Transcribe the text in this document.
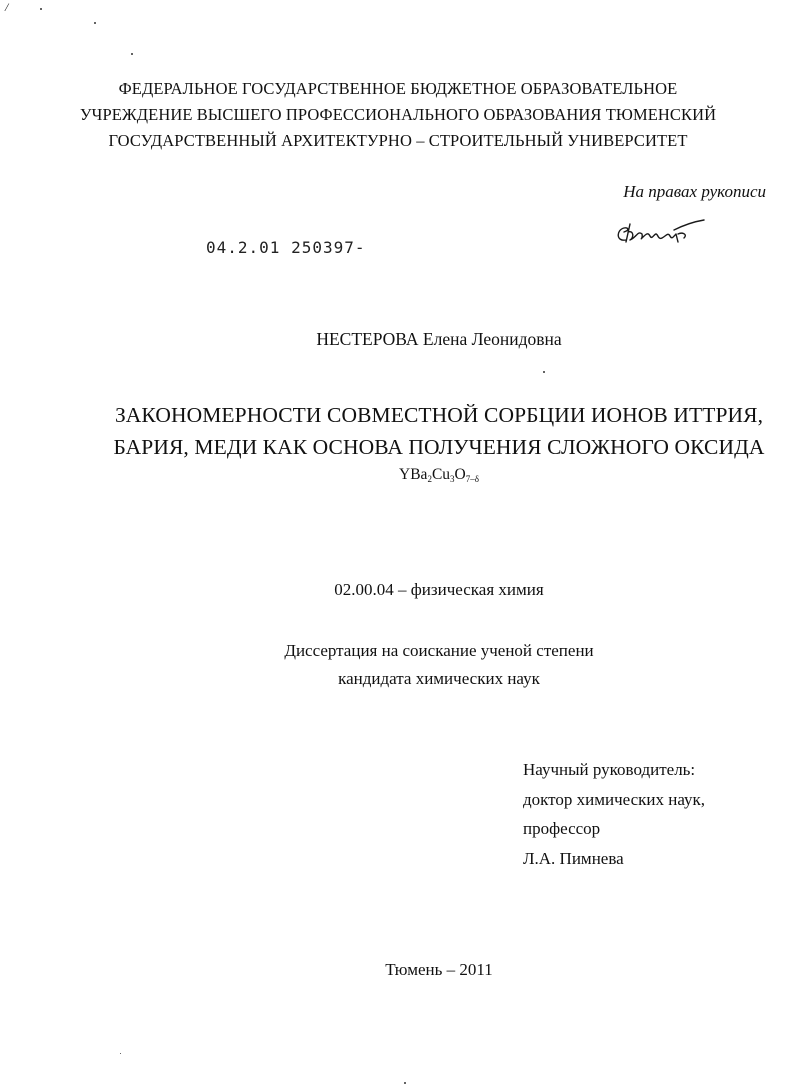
/
ФЕДЕРАЛЬНОЕ ГОСУДАРСТВЕННОЕ БЮДЖЕТНОЕ ОБРАЗОВАТЕЛЬНОЕ
УЧРЕЖДЕНИЕ ВЫСШЕГО ПРОФЕССИОНАЛЬНОГО ОБРАЗОВАНИЯ ТЮМЕНСКИЙ
ГОСУДАРСТВЕННЫЙ АРХИТЕКТУРНО – СТРОИТЕЛЬНЫЙ УНИВЕРСИТЕТ
На правах рукописи
04.2.01 250397-
НЕСТЕРОВА Елена Леонидовна
ЗАКОНОМЕРНОСТИ СОВМЕСТНОЙ СОРБЦИИ ИОНОВ ИТТРИЯ,
БАРИЯ, МЕДИ КАК ОСНОВА ПОЛУЧЕНИЯ СЛОЖНОГО ОКСИДА
$YBa_2Cu_3O_{7-\delta}$
02.00.04 – физическая химия
Диссертация на соискание ученой степени
кандидата химических наук
Научный руководитель:
доктор химических наук,
профессор
Л.А. Пимнева
Тюмень – 2011
